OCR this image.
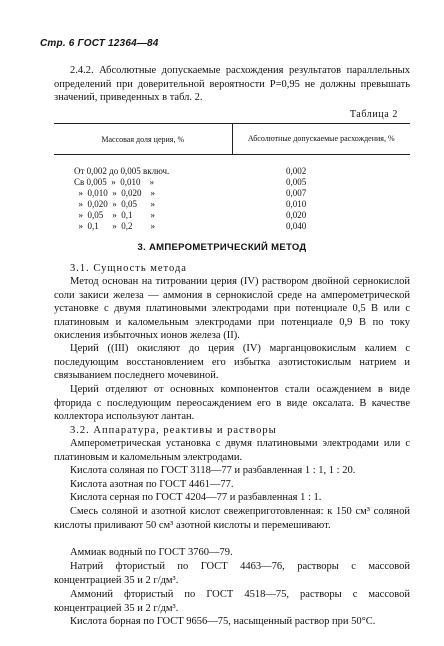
Стр. 6 ГОСТ 12364—84

2.4.2. Абсолютные допускаемые расхождения результатов параллельных определений при доверительной вероятности P=0,95 не должны превышать значений, приведенных в табл. 2.

Таблица 2
Массовая доля церия, %	Абсолютные допускаемые расхождения, %
От 0,002 до 0,005 включ.	0,002
Св 0,005  »  0,010    »	0,005
»  0,010  »  0,020    »	0,007
»  0,020  »  0,05      »	0,010
»  0,05    »  0,1        »	0,020
»  0,1      »  0,2        »	0,040
3. АМПЕРОМЕТРИЧЕСКИЙ МЕТОД

3.1. Сущность метода

Метод основан на титровании церия (IV) раствором двойной сернокислой соли закиси железа — аммония в сернокислой среде на амперометрической установке с двумя платиновыми электродами при потенциале 0,5 В или с платиновым и каломельным электродами при потенциале 0,9 В по току окисления избыточных ионов железа (II).

Церий ((III) окисляют до церия (IV) марганцовокислым калием с последующим восстановлением его избытка азотистокислым натрием и связыванием последнего мочевиной.

Церий отделяют от основных компонентов стали осаждением в виде фторида с последующим переосаждением его в виде оксалата. В качестве коллектора используют лантан.

3.2. Аппаратура, реактивы и растворы

Амперометрическая установка с двумя платиновыми электродами или с платиновым и каломельным электродами.

Кислота соляная по ГОСТ 3118—77 и разбавленная 1 : 1, 1 : 20.

Кислота азотная по ГОСТ 4461—77.

Кислота серная по ГОСТ 4204—77 и разбавленная 1 : 1.

Смесь соляной и азотной кислот свежеприготовленная: к 150 см³ соляной кислоты приливают 50 см³ азотной кислоты и перемешивают.

Аммиак водный по ГОСТ 3760—79.

Натрий фтористый по ГОСТ 4463—76, растворы с массовой концентрацией 35 и 2 г/дм³.

Аммоний фтористый по ГОСТ 4518—75, растворы с массовой концентрацией 35 и 2 г/дм³.

Кислота борная по ГОСТ 9656—75, насыщенный раствор при 50°С.
